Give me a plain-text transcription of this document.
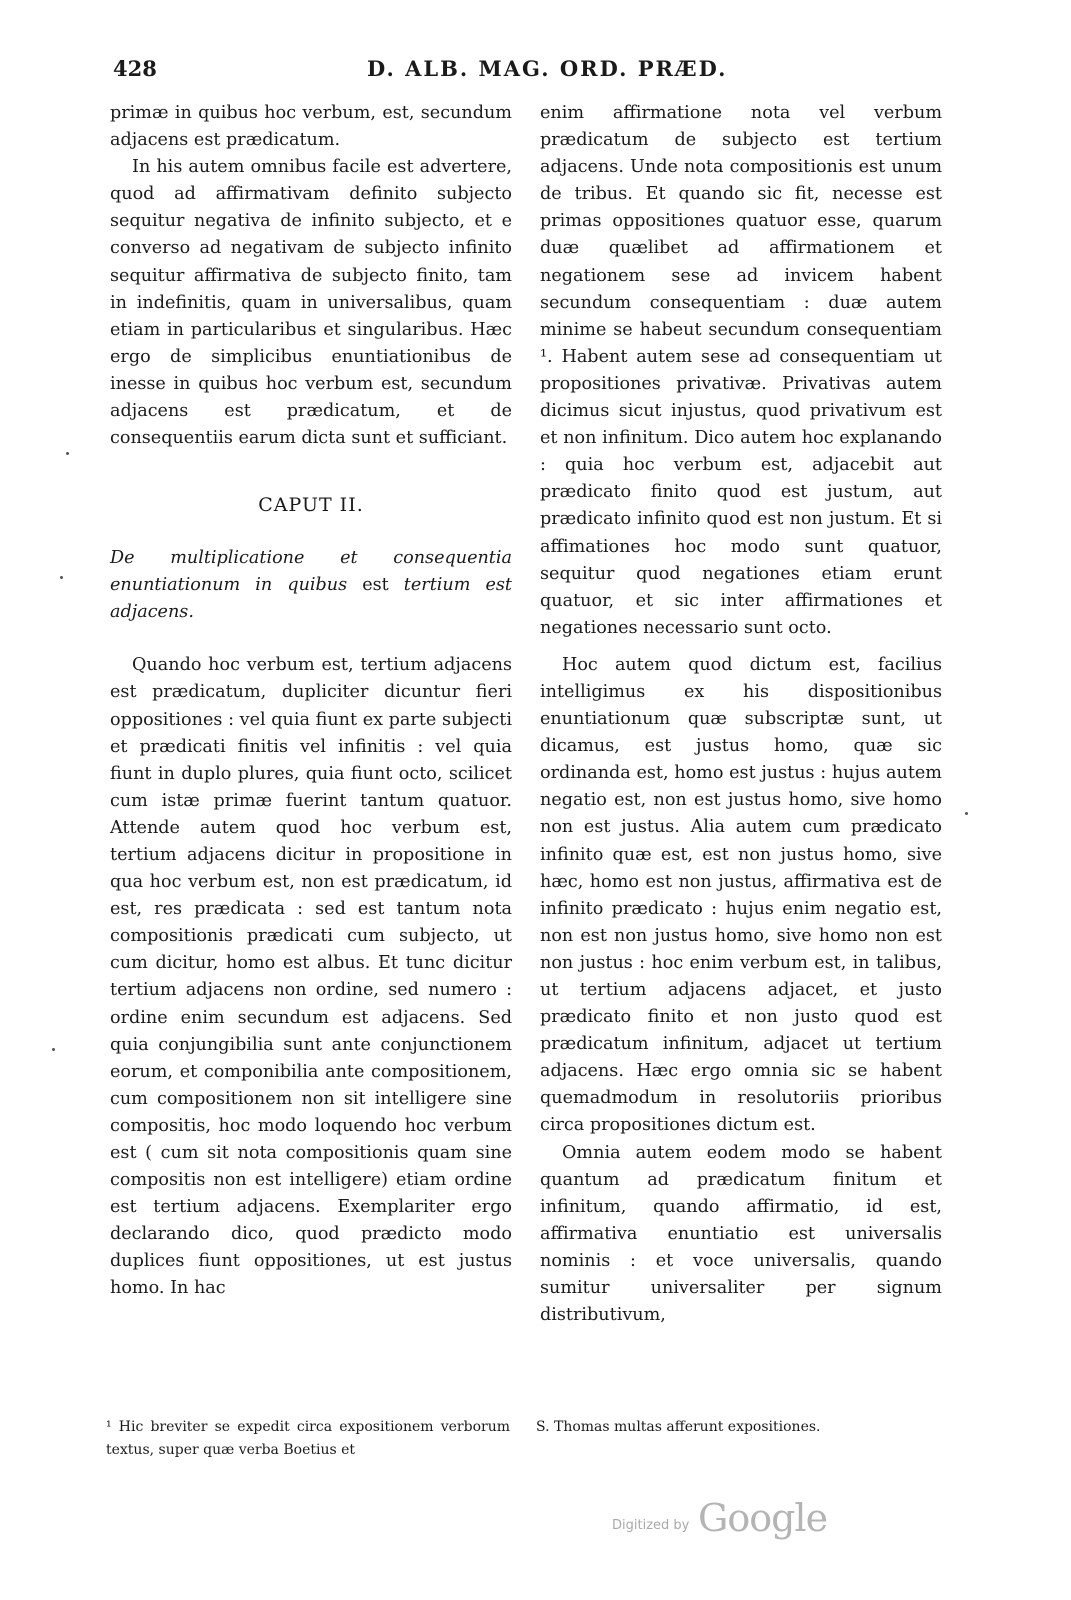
428	D. ALB. MAG. ORD. PRÆD.

primæ in quibus hoc verbum, est, secundum adjacens est prædicatum.

In his autem omnibus facile est advertere, quod ad affirmativam definito subjecto sequitur negativa de infinito subjecto, et e converso ad negativam de subjecto infinito sequitur affirmativa de subjecto finito, tam in indefinitis, quam in universalibus, quam etiam in particularibus et singularibus. Hæc ergo de simplicibus enuntiationibus de inesse in quibus hoc verbum est, secundum adjacens est prædicatum, et de consequentiis earum dicta sunt et sufficiant.

CAPUT II.

De multiplicatione et consequentia enuntiationum in quibus est tertium est adjacens.

Quando hoc verbum est, tertium adjacens est prædicatum, dupliciter dicuntur fieri oppositiones : vel quia fiunt ex parte subjecti et prædicati finitis vel infinitis : vel quia fiunt in duplo plures, quia fiunt octo, scilicet cum istæ primæ fuerint tantum quatuor. Attende autem quod hoc verbum est, tertium adjacens dicitur in propositione in qua hoc verbum est, non est prædicatum, id est, res prædicata : sed est tantum nota compositionis prædicati cum subjecto, ut cum dicitur, homo est albus. Et tunc dicitur tertium adjacens non ordine, sed numero : ordine enim secundum est adjacens. Sed quia conjungibilia sunt ante conjunctionem eorum, et componibilia ante compositionem, cum compositionem non sit intelligere sine compositis, hoc modo loquendo hoc verbum est ( cum sit nota compositionis quam sine compositis non est intelligere) etiam ordine est tertium adjacens. Exemplariter ergo declarando dico, quod prædicto modo duplices fiunt oppositiones, ut est justus homo. In hac

enim affirmatione nota vel verbum prædicatum de subjecto est tertium adjacens. Unde nota compositionis est unum de tribus. Et quando sic fit, necesse est primas oppositiones quatuor esse, quarum duæ quælibet ad affirmationem et negationem sese ad invicem habent secundum consequentiam : duæ autem minime se habeut secundum consequentiam ¹. Habent autem sese ad consequentiam ut propositiones privativæ. Privativas autem dicimus sicut injustus, quod privativum est et non infinitum. Dico autem hoc explanando : quia hoc verbum est, adjacebit aut prædicato finito quod est justum, aut prædicato infinito quod est non justum. Et si affimationes hoc modo sunt quatuor, sequitur quod negationes etiam erunt quatuor, et sic inter affirmationes et negationes necessario sunt octo.

Hoc autem quod dictum est, facilius intelligimus ex his dispositionibus enuntiationum quæ subscriptæ sunt, ut dicamus, est justus homo, quæ sic ordinanda est, homo est justus : hujus autem negatio est, non est justus homo, sive homo non est justus. Alia autem cum prædicato infinito quæ est, est non justus homo, sive hæc, homo est non justus, affirmativa est de infinito prædicato : hujus enim negatio est, non est non justus homo, sive homo non est non justus : hoc enim verbum est, in talibus, ut tertium adjacens adjacet, et justo prædicato finito et non justo quod est prædicatum infinitum, adjacet ut tertium adjacens. Hæc ergo omnia sic se habent quemadmodum in resolutoriis prioribus circa propositiones dictum est.

Omnia autem eodem modo se habent quantum ad prædicatum finitum et infinitum, quando affirmatio, id est, affirmativa enuntiatio est universalis nominis : et voce universalis, quando sumitur universaliter per signum distributivum,

¹ Hic breviter se expedit circa expositionem verborum textus, super quæ verba Boetius et
S. Thomas multas afferunt expositiones.
Digitized by Google
